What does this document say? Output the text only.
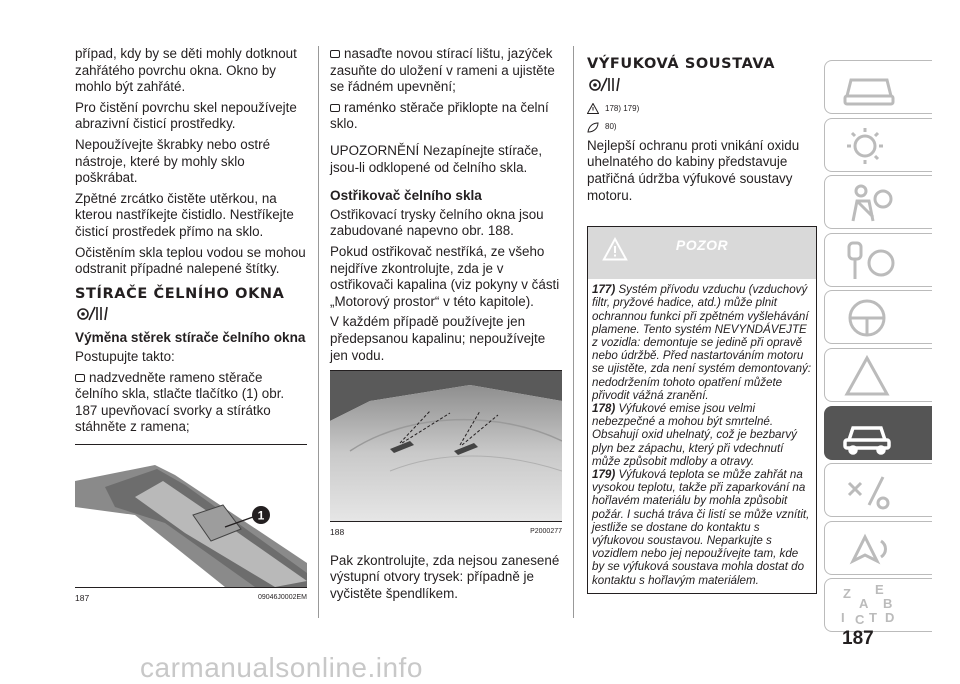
případ, kdy by se děti mohly dotknout zahřátého povrchu okna. Okno by mohlo být zahřáté.

Pro čistění povrchu skel nepoužívejte abrazivní čisticí prostředky.

Nepoužívejte škrabky nebo ostré nástroje, které by mohly sklo poškrábat.

Zpětné zrcátko čistěte utěrkou, na kterou nastříkejte čistidlo. Nestříkejte čisticí prostředek přímo na sklo.

Očistěním skla teplou vodou se mohou odstranit případné nalepené štítky.

STÍRAČE ČELNÍHO OKNA
Výměna stěrek stírače čelního okna

Postupujte takto:

nadzvedněte rameno stěrače čelního skla, stlačte tlačítko (1) obr. 187 upevňovací svorky a stírátko stáhněte z ramena;

1
187	09046J0002EM

nasaďte novou stírací lištu, jazýček zasuňte do uložení v rameni a ujistěte se řádném upevnění;

raménko stěrače přiklopte na čelní sklo.

UPOZORNĚNÍ Nezapínejte stírače, jsou-li odklopené od čelního skla.

Ostřikovač čelního skla

Ostřikovací trysky čelního okna jsou zabudované napevno obr. 188.

Pokud ostřikovač nestříká, ze všeho nejdříve zkontrolujte, zda je v ostřikovači kapalina (viz pokyny v části „Motorový prostor“ v této kapitole).

V každém případě používejte jen předepsanou kapalinu; nepoužívejte jen vodu.

188	P2000277

Pak zkontrolujte, zda nejsou zanesené výstupní otvory trysek: případně je vyčistěte špendlíkem.

VÝFUKOVÁ SOUSTAVA
178) 179)
80)

Nejlepší ochranu proti vnikání oxidu uhelnatého do kabiny představuje patřičná údržba výfukové soustavy motoru.

POZOR

177) Systém přívodu vzduchu (vzduchový filtr, pryžové hadice, atd.) může plnit ochrannou funkci při zpětném vyšlehávání plamene. Tento systém NEVYNDÁVEJTE z vozidla: demontuje se jedině při opravě nebo údržbě. Před nastartováním motoru se ujistěte, zda není systém demontovaný: nedodržením tohoto opatření můžete přivodit vážná zranění.

178) Výfukové emise jsou velmi nebezpečné a mohou být smrtelné. Obsahují oxid uhelnatý, což je bezbarvý plyn bez zápachu, který při vdechnutí může způsobit mdloby a otravy.

179) Výfuková teplota se může zahřát na vysokou teplotu, takže při zaparkování na hořlavém materiálu by mohla způsobit požár. I suchá tráva či listí se může vznítit, jestliže se dostane do kontaktu s výfukovou soustavou. Neparkujte s vozidlem nebo jej nepoužívejte tam, kde by se výfuková soustava mohla dostat do kontaktu s hořlavým materiálem.

Z E
A B
I C T D
187
carmanualsonline.info
